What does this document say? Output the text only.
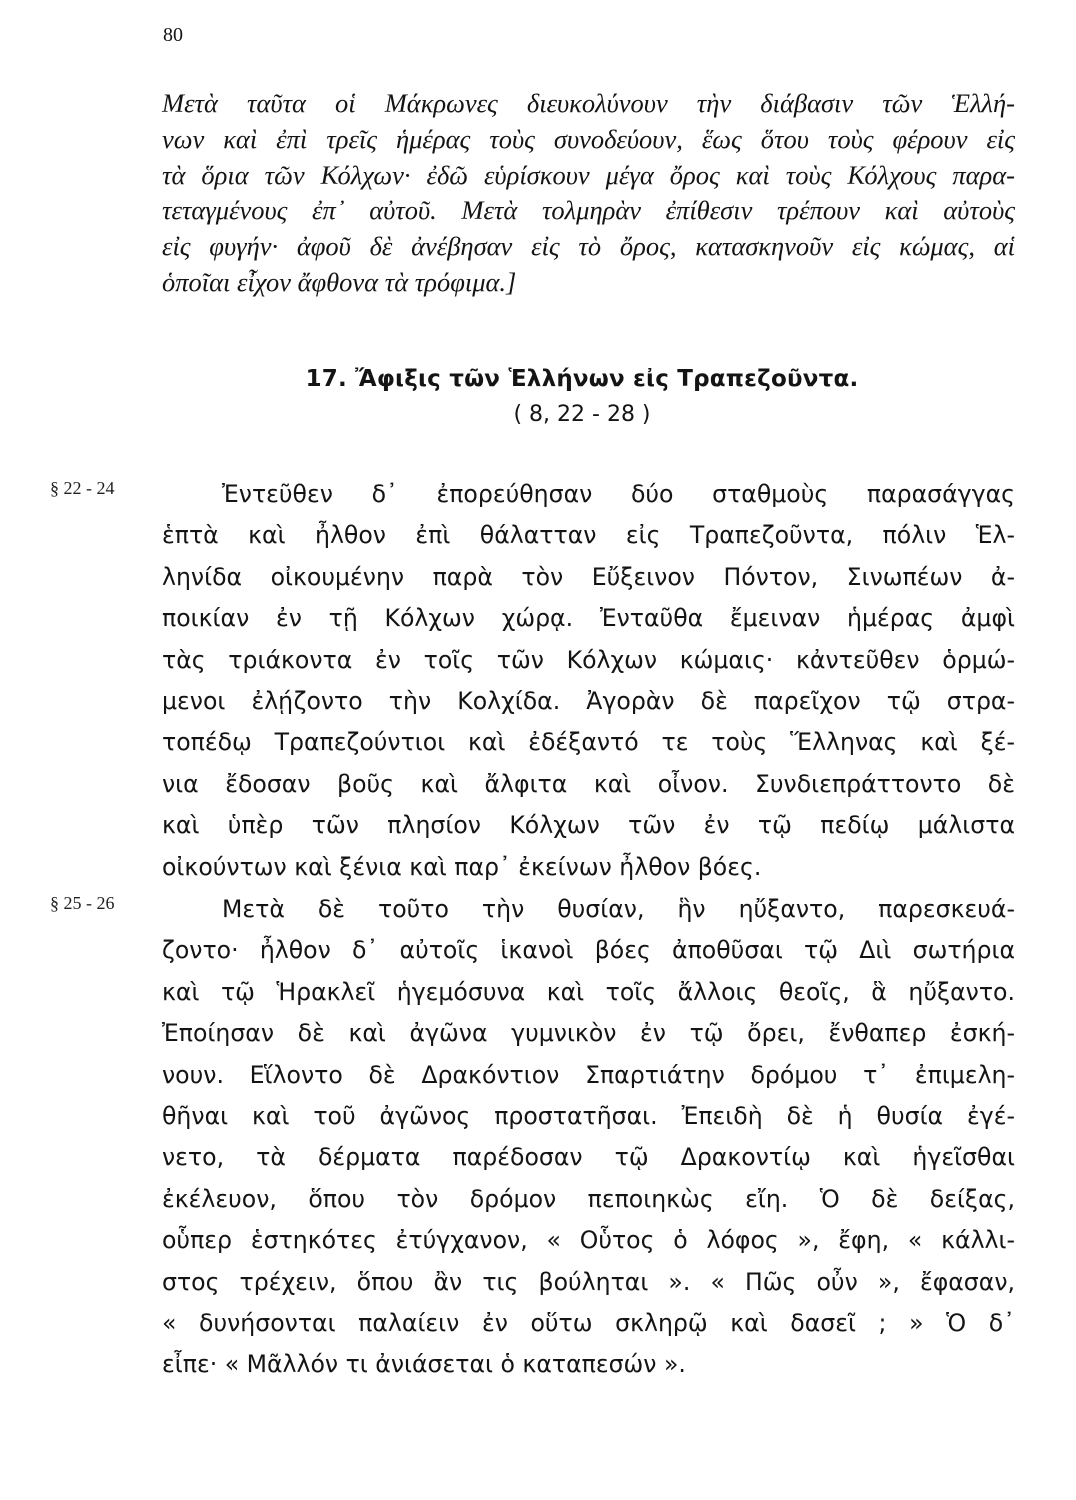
80
Μετὰ ταῦτα οἱ Μάκρωνες διευκολύνουν τὴν διάβασιν τῶν Ἑλλή-
νων καὶ ἐπὶ τρεῖς ἡμέρας τοὺς συνοδεύουν, ἕως ὅτου τοὺς φέρουν εἰς
τὰ ὅρια τῶν Κόλχων· ἐδῶ εὑρίσκουν μέγα ὄρος καὶ τοὺς Κόλχους παρα-
τεταγμένους ἐπ᾽ αὐτοῦ. Μετὰ τολμηρὰν ἐπίθεσιν τρέπουν καὶ αὐτοὺς
εἰς φυγήν· ἀφοῦ δὲ ἀνέβησαν εἰς τὸ ὄρος, κατασκηνοῦν εἰς κώμας, αἱ
ὁποῖαι εἶχον ἄφθονα τὰ τρόφιμα.]
17. Ἄφιξις τῶν Ἑλλήνων εἰς Τραπεζοῦντα.
( 8, 22 - 28 )
§ 22 - 24	Ἐντεῦθεν δ᾽ ἐπορεύθησαν δύο σταθμοὺς παρασάγγας
ἑπτὰ καὶ ἦλθον ἐπὶ θάλατταν εἰς Τραπεζοῦντα, πόλιν Ἑλ-
ληνίδα οἰκουμένην παρὰ τὸν Εὔξεινον Πόντον, Σινωπέων ἀ-
ποικίαν ἐν τῇ Κόλχων χώρᾳ. Ἐνταῦθα ἔμειναν ἡμέρας ἀμφὶ
τὰς τριάκοντα ἐν τοῖς τῶν Κόλχων κώμαις· κἀντεῦθεν ὁρμώ-
μενοι ἐλῄζοντο τὴν Κολχίδα. Ἀγορὰν δὲ παρεῖχον τῷ στρα-
τοπέδῳ Τραπεζούντιοι καὶ ἐδέξαντό τε τοὺς Ἕλληνας καὶ ξέ-
νια ἔδοσαν βοῦς καὶ ἄλφιτα καὶ οἶνον. Συνδιεπράττοντο δὲ
καὶ ὑπὲρ τῶν πλησίον Κόλχων τῶν ἐν τῷ πεδίῳ μάλιστα
οἰκούντων καὶ ξένια καὶ παρ᾽ ἐκείνων ἦλθον βόες.
§ 25 - 26	Μετὰ δὲ τοῦτο τὴν θυσίαν, ἣν ηὔξαντο, παρεσκευά-
ζοντο· ἦλθον δ᾽ αὐτοῖς ἱκανοὶ βόες ἀποθῦσαι τῷ Διὶ σωτήρια
καὶ τῷ Ἡρακλεῖ ἡγεμόσυνα καὶ τοῖς ἄλλοις θεοῖς, ἃ ηὔξαντο.
Ἐποίησαν δὲ καὶ ἀγῶνα γυμνικὸν ἐν τῷ ὄρει, ἔνθαπερ ἐσκή-
νουν. Εἵλοντο δὲ Δρακόντιον Σπαρτιάτην δρόμου τ᾽ ἐπιμελη-
θῆναι καὶ τοῦ ἀγῶνος προστατῆσαι. Ἐπειδὴ δὲ ἡ θυσία ἐγέ-
νετο, τὰ δέρματα παρέδοσαν τῷ Δρακοντίῳ καὶ ἡγεῖσθαι
ἐκέλευον, ὅπου τὸν δρόμον πεποιηκὼς εἴη. Ὁ δὲ δείξας,
οὗπερ ἑστηκότες ἐτύγχανον, « Οὗτος ὁ λόφος », ἔφη, « κάλλι-
στος τρέχειν, ὅπου ἂν τις βούληται ». « Πῶς οὖν », ἔφασαν,
« δυνήσονται παλαίειν ἐν οὕτω σκληρῷ καὶ δασεῖ ; » Ὁ δ᾽
εἶπε· « Μᾶλλόν τι ἀνιάσεται ὁ καταπεσών ».
